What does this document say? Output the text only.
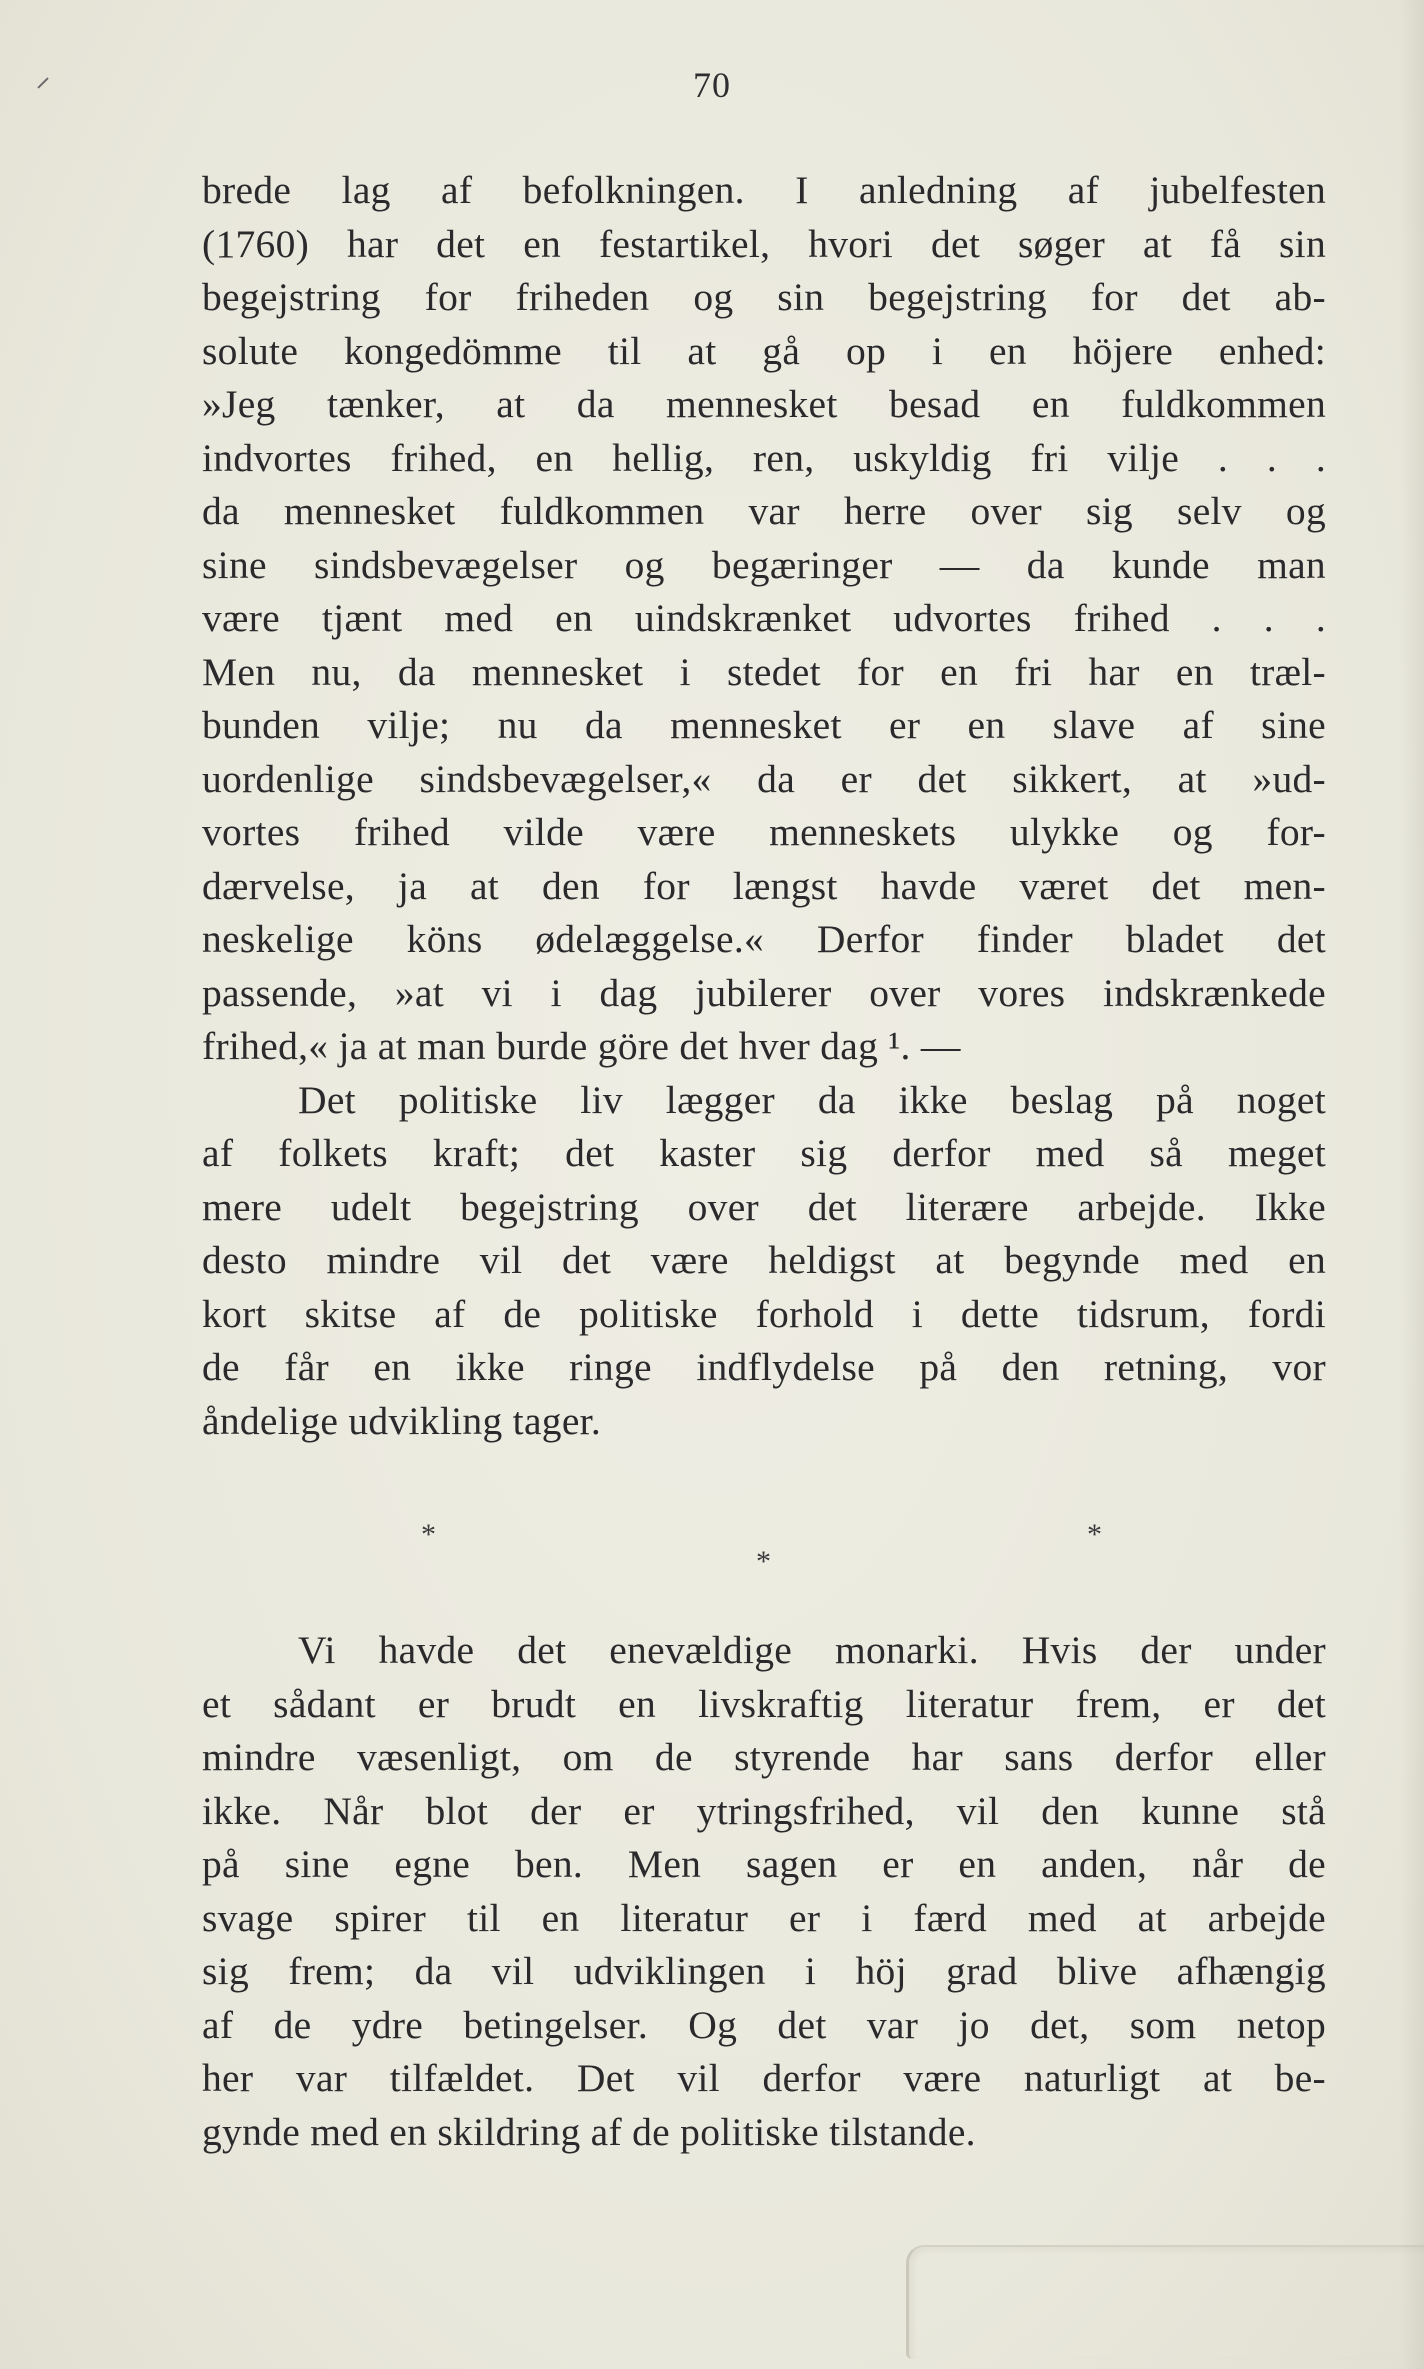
70
brede lag af befolkningen. I anledning af jubelfesten
(1760) har det en festartikel, hvori det søger at få sin
begejstring for friheden og sin begejstring for det ab-
solute kongedömme til at gå op i en höjere enhed:
»Jeg tænker, at da mennesket besad en fuldkommen
indvortes frihed, en hellig, ren, uskyldig fri vilje . . .
da mennesket fuldkommen var herre over sig selv og
sine sindsbevægelser og begæringer — da kunde man
være tjænt med en uindskrænket udvortes frihed . . .
Men nu, da mennesket i stedet for en fri har en træl-
bunden vilje; nu da mennesket er en slave af sine
uordenlige sindsbevægelser,« da er det sikkert, at »ud-
vortes frihed vilde være menneskets ulykke og for-
dærvelse, ja at den for længst havde været det men-
neskelige köns ødelæggelse.« Derfor finder bladet det
passende, »at vi i dag jubilerer over vores indskrænkede
frihed,« ja at man burde göre det hver dag ¹. —
Det politiske liv lægger da ikke beslag på noget
af folkets kraft; det kaster sig derfor med så meget
mere udelt begejstring over det literære arbejde. Ikke
desto mindre vil det være heldigst at begynde med en
kort skitse af de politiske forhold i dette tidsrum, fordi
de får en ikke ringe indflydelse på den retning, vor
åndelige udvikling tager.
*
*
*
Vi havde det enevældige monarki. Hvis der under
et sådant er brudt en livskraftig literatur frem, er det
mindre væsenligt, om de styrende har sans derfor eller
ikke. Når blot der er ytringsfrihed, vil den kunne stå
på sine egne ben. Men sagen er en anden, når de
svage spirer til en literatur er i færd med at arbejde
sig frem; da vil udviklingen i höj grad blive afhængig
af de ydre betingelser. Og det var jo det, som netop
her var tilfældet. Det vil derfor være naturligt at be-
gynde med en skildring af de politiske tilstande.
